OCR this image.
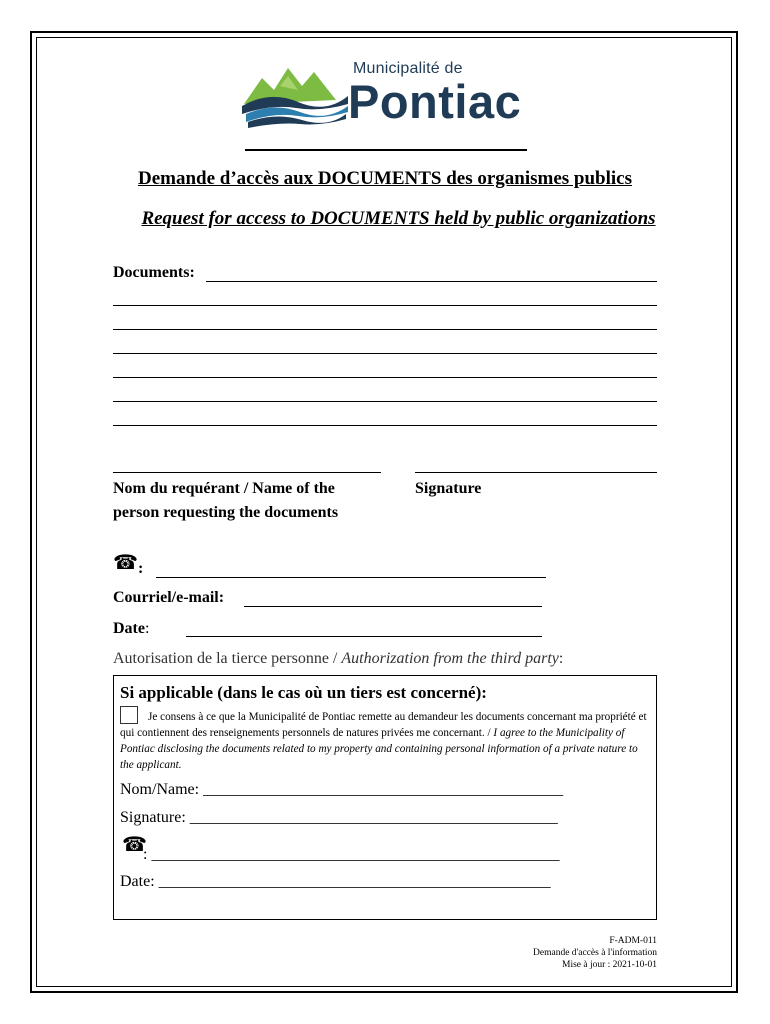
Municipalité de
Pontiac
Demande d’accès aux DOCUMENTS des organismes publics
Request for access to DOCUMENTS held by public organizations
Documents:
Nom du requérant / Name of the
person requesting the documents
Signature
☎ :
Courriel/e-mail:
Date:
Autorisation de la tierce personne / Authorization from the third party:
Si applicable (dans le cas où un tiers est concerné):
Je consens à ce que la Municipalité de Pontiac remette au demandeur les documents concernant ma propriété et qui contiennent des renseignements personnels de natures privées me concernant. / I agree to the Municipality of Pontiac disclosing the documents related to my property and containing personal information of a private nature to the applicant.
Nom/Name: _____________________________________________
Signature: ______________________________________________
☎
: ___________________________________________________
Date: _________________________________________________
F-ADM-011
Demande d'accès à l'information
Mise à jour : 2021-10-01
